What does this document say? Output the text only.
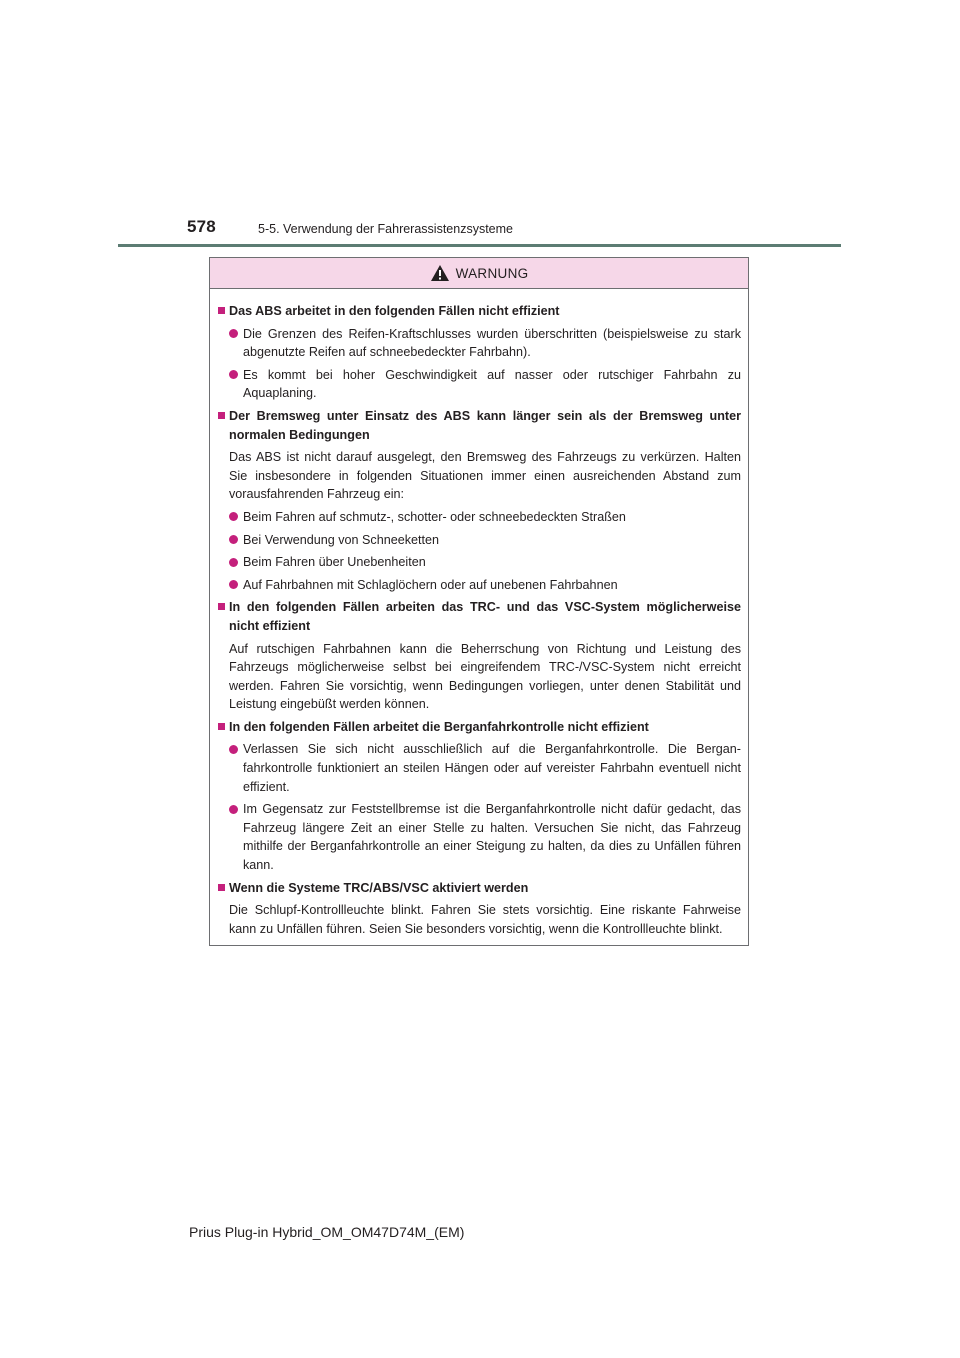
578	5-5. Verwendung der Fahrerassistenzsysteme
WARNUNG
Das ABS arbeitet in den folgenden Fällen nicht effizient
Die Grenzen des Reifen-Kraftschlusses wurden überschritten (beispielsweise zu stark abgenutzte Reifen auf schneebedeckter Fahrbahn).
Es kommt bei hoher Geschwindigkeit auf nasser oder rutschiger Fahrbahn zu Aquaplaning.
Der Bremsweg unter Einsatz des ABS kann länger sein als der Bremsweg unter normalen Bedingungen
Das ABS ist nicht darauf ausgelegt, den Bremsweg des Fahrzeugs zu verkürzen. Halten Sie insbesondere in folgenden Situationen immer einen ausreichenden Abstand zum vorausfahrenden Fahrzeug ein:
Beim Fahren auf schmutz-, schotter- oder schneebedeckten Straßen
Bei Verwendung von Schneeketten
Beim Fahren über Unebenheiten
Auf Fahrbahnen mit Schlaglöchern oder auf unebenen Fahrbahnen
In den folgenden Fällen arbeiten das TRC- und das VSC-System möglicherweise nicht effizient
Auf rutschigen Fahrbahnen kann die Beherrschung von Richtung und Leistung des Fahrzeugs möglicherweise selbst bei eingreifendem TRC-/VSC-System nicht erreicht werden. Fahren Sie vorsichtig, wenn Bedingungen vorliegen, unter denen Stabilität und Leistung eingebüßt werden können.
In den folgenden Fällen arbeitet die Berganfahrkontrolle nicht effizient
Verlassen Sie sich nicht ausschließlich auf die Berganfahrkontrolle. Die Berganfahrkontrolle funktioniert an steilen Hängen oder auf vereister Fahrbahn eventuell nicht effizient.
Im Gegensatz zur Feststellbremse ist die Berganfahrkontrolle nicht dafür gedacht, das Fahrzeug längere Zeit an einer Stelle zu halten. Versuchen Sie nicht, das Fahrzeug mithilfe der Berganfahrkontrolle an einer Steigung zu halten, da dies zu Unfällen führen kann.
Wenn die Systeme TRC/ABS/VSC aktiviert werden
Die Schlupf-Kontrollleuchte blinkt. Fahren Sie stets vorsichtig. Eine riskante Fahrweise kann zu Unfällen führen. Seien Sie besonders vorsichtig, wenn die Kontrollleuchte blinkt.
Prius Plug-in Hybrid_OM_OM47D74M_(EM)
